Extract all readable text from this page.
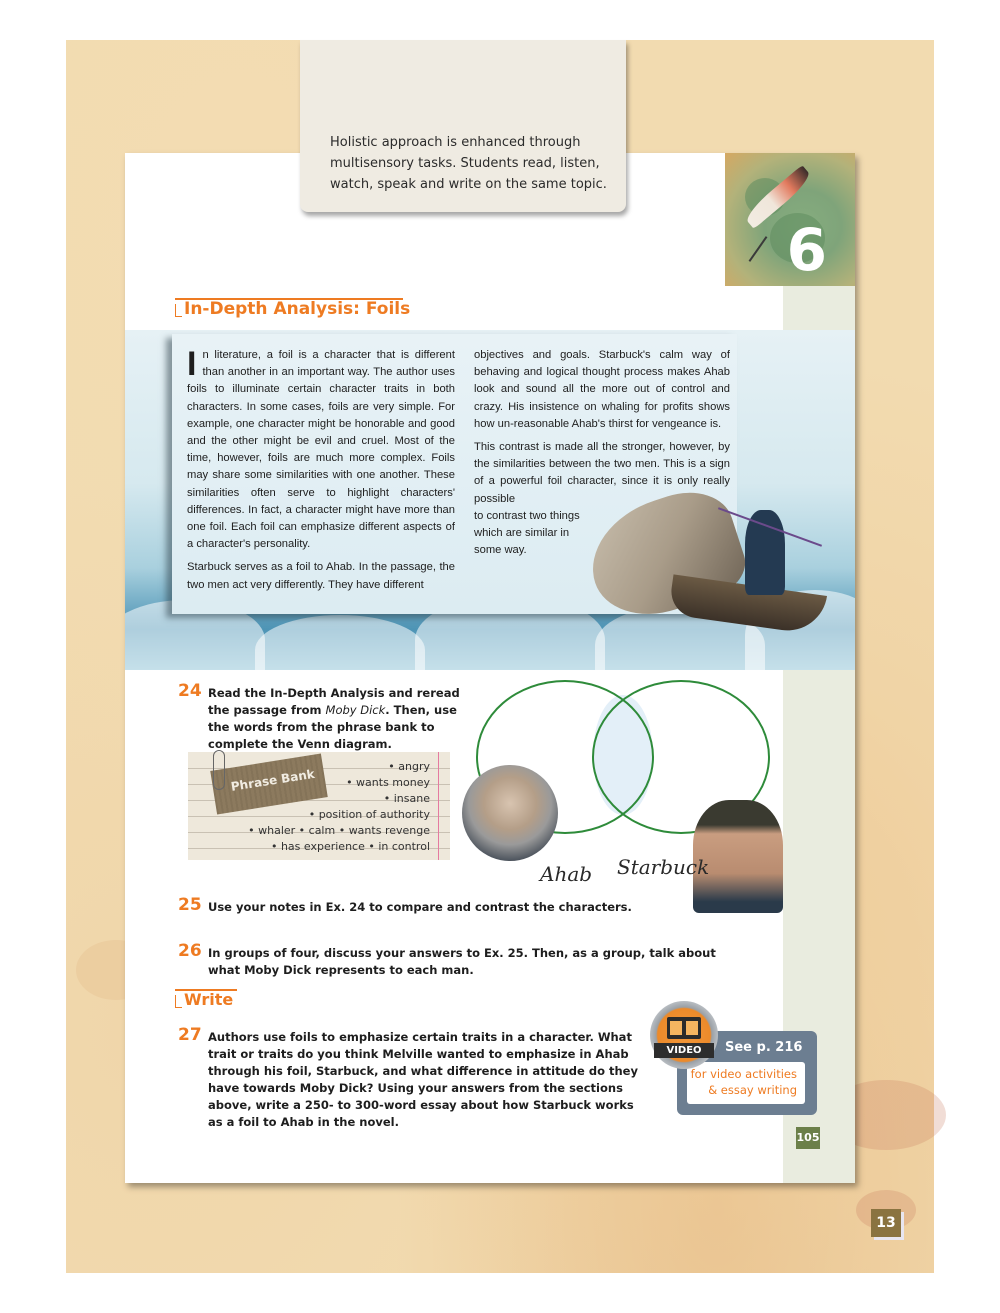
Holistic approach is enhanced through multisensory tasks. Students read, listen, watch, speak and write on the same topic.

6
In-Depth Analysis: Foils

In literature, a foil is a character that is different than another in an important way. The author uses foils to illuminate certain character traits in both characters. In some cases, foils are very simple. For example, one character might be honorable and good and the other might be evil and cruel. Most of the time, however, foils are much more complex. Foils may share some similarities with one another. These similarities often serve to highlight characters' differences. In fact, a character might have more than one foil. Each foil can emphasize different aspects of a character's personality.

Starbuck serves as a foil to Ahab. In the passage, the two men act very differently. They have different

objectives and goals. Starbuck's calm way of behaving and logical thought process makes Ahab look and sound all the more out of control and crazy. His insistence on whaling for profits shows how un-reasonable Ahab's thirst for vengeance is.

This contrast is made all the stronger, however, by the similarities between the two men. This is a sign of a powerful foil character, since it is only really possible

to contrast two things
which are similar in
some way.
24 Read the In-Depth Analysis and reread the passage from Moby Dick. Then, use the words from the phrase bank to complete the Venn diagram.
Phrase Bank
• angry
• wants money
• insane
• position of authority
• whaler • calm • wants revenge
• has experience • in control
Ahab Starbuck
25 Use your notes in Ex. 24 to compare and contrast the characters.
26 In groups of four, discuss your answers to Ex. 25. Then, as a group, talk about what Moby Dick represents to each man.
Write
27 Authors use foils to emphasize certain traits in a character. What trait or traits do you think Melville wanted to emphasize in Ahab through his foil, Starbuck, and what difference in attitude do they have towards Moby Dick? Using your answers from the sections above, write a 250- to 300-word essay about how Starbuck works as a foil to Ahab in the novel.
See p. 216
for video activities
& essay writing
VIDEO
105
13
